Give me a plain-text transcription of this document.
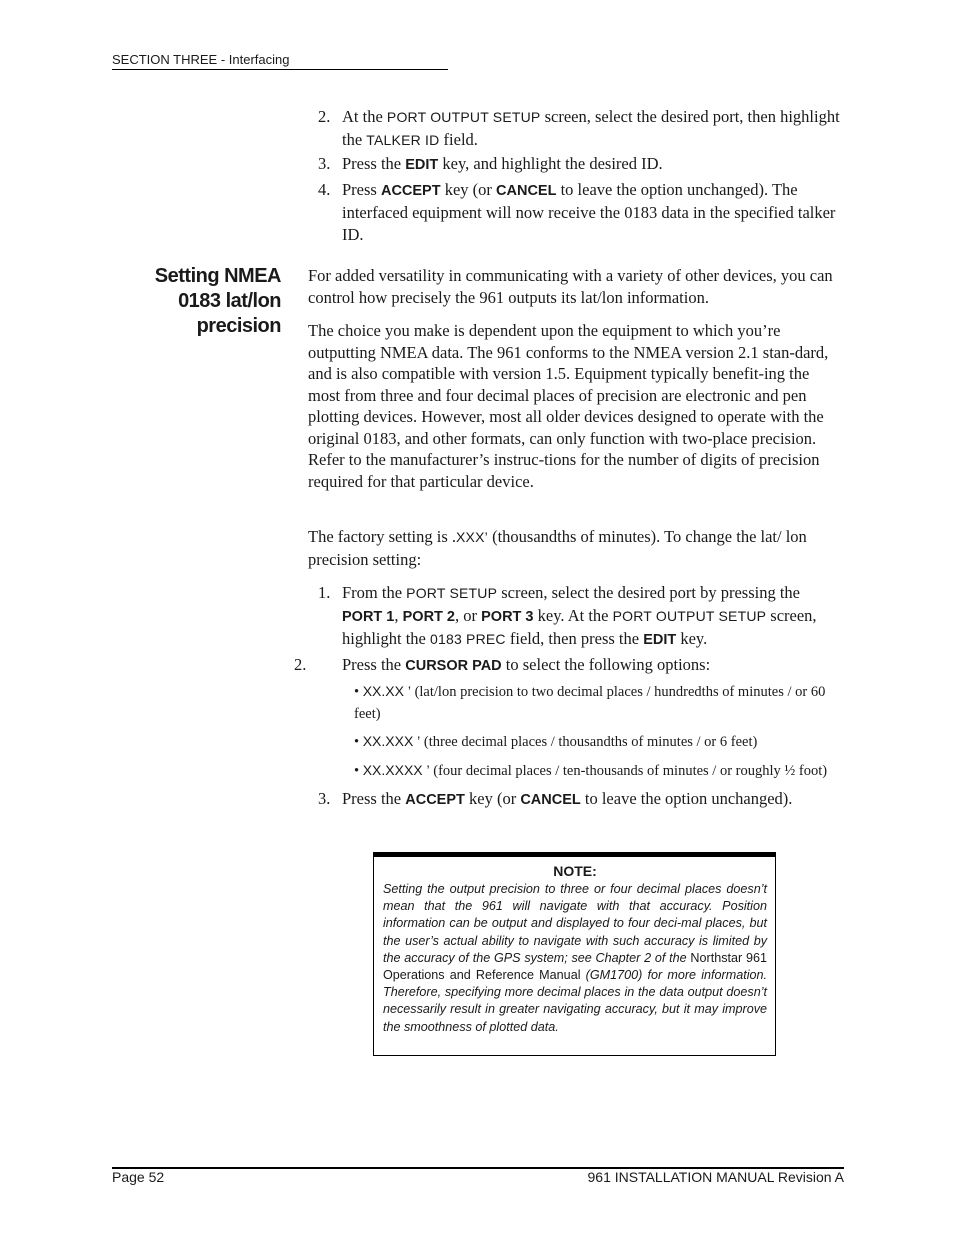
SECTION THREE - Interfacing
2. At the PORT OUTPUT SETUP screen, select the desired port, then highlight the TALKER ID field.
3. Press the EDIT key, and highlight the desired ID.
4. Press ACCEPT key (or CANCEL to leave the option unchanged). The interfaced equipment will now receive the 0183 data in the specified talker ID.
Setting NMEA
0183 lat/lon
precision

For added versatility in communicating with a variety of other devices, you can control how precisely the 961 outputs its lat/lon information.

The choice you make is dependent upon the equipment to which you’re outputting NMEA data. The 961 conforms to the NMEA version 2.1 stan-dard, and is also compatible with version 1.5. Equipment typically benefit-ing the most from three and four decimal places of precision are electronic and pen plotting devices. However, most all older devices designed to operate with the original 0183, and other formats, can only function with two-place precision. Refer to the manufacturer’s instruc-tions for the number of digits of precision required for that particular device.

The factory setting is .XXX’ (thousandths of minutes). To change the lat/ lon precision setting:

1. From the PORT SETUP screen, select the desired port by pressing the PORT 1, PORT 2, or PORT 3 key. At the PORT OUTPUT SETUP screen, highlight the 0183 PREC field, then press the EDIT key.
2. Press the CURSOR PAD to select the following options:
• XX.XX ’ (lat/lon precision to two decimal places / hundredths of minutes / or 60 feet)
• XX.XXX ’ (three decimal places / thousandths of minutes / or 6 feet)
• XX.XXXX ’ (four decimal places / ten-thousands of minutes / or roughly ½ foot)
3. Press the ACCEPT key (or CANCEL to leave the option unchanged).
NOTE:
Setting the output precision to three or four decimal places doesn’t mean that the 961 will navigate with that accuracy. Position information can be output and displayed to four deci-mal places, but the user’s actual ability to navigate with such accuracy is limited by the accuracy of the GPS system; see Chapter 2 of the Northstar 961 Operations and Reference Manual (GM1700) for more information. Therefore, specifying more decimal places in the data output doesn’t necessarily result in greater navigating accuracy, but it may improve the smoothness of plotted data.
Page 52	961 INSTALLATION MANUAL Revision A
